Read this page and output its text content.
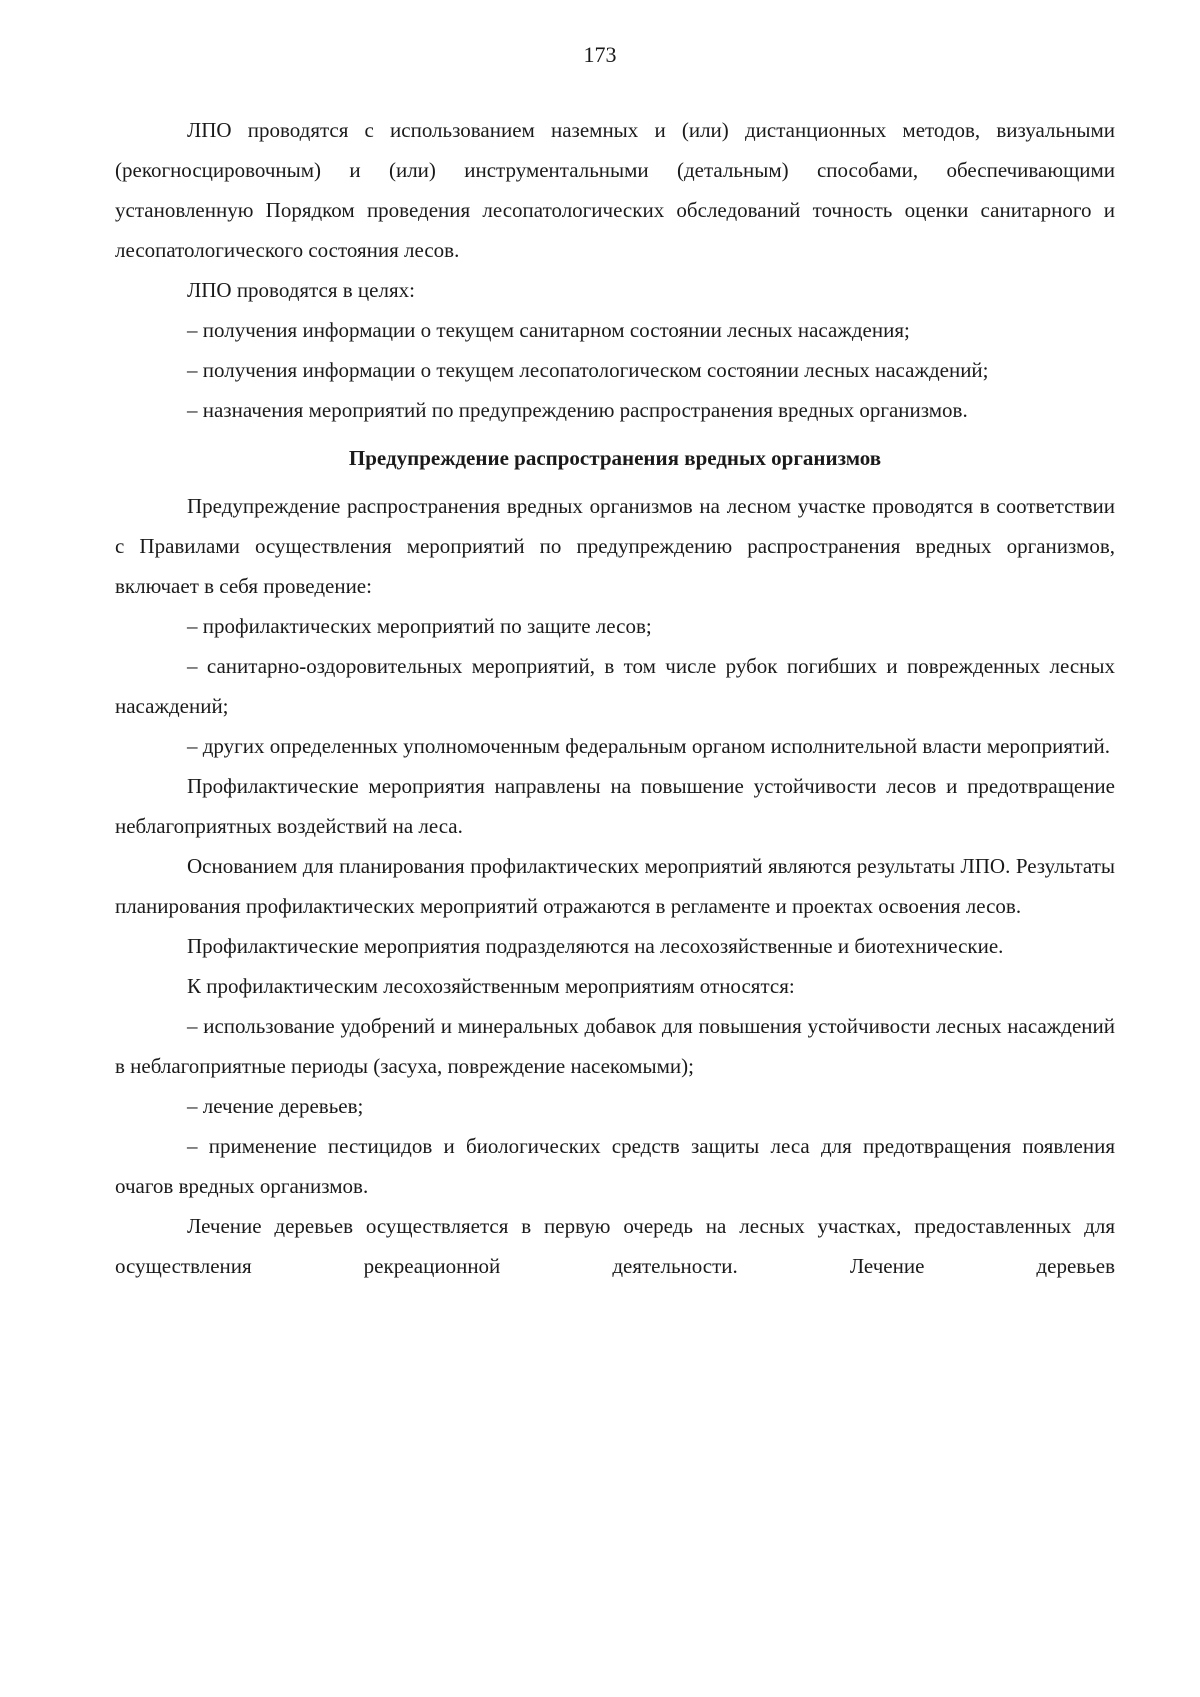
173

ЛПО проводятся с использованием наземных и (или) дистанционных методов, визуальными (рекогносцировочным) и (или) инструментальными (детальным) способами, обеспечивающими установленную Порядком проведения лесопатологических обследований точность оценки санитарного и лесопатологического состояния лесов.

ЛПО проводятся в целях:

– получения информации о текущем санитарном состоянии лесных насаждения;

– получения информации о текущем лесопатологическом состоянии лесных насаждений;

– назначения мероприятий по предупреждению распространения вредных организмов.

Предупреждение распространения вредных организмов

Предупреждение распространения вредных организмов на лесном участке проводятся в соответствии с Правилами осуществления мероприятий по предупреждению распространения вредных организмов, включает в себя проведение:

– профилактических мероприятий по защите лесов;

– санитарно-оздоровительных мероприятий, в том числе рубок погибших и поврежденных лесных насаждений;

– других определенных уполномоченным федеральным органом исполнительной власти мероприятий.

Профилактические мероприятия направлены на повышение устойчивости лесов и предотвращение неблагоприятных воздействий на леса.

Основанием для планирования профилактических мероприятий являются результаты ЛПО. Результаты планирования профилактических мероприятий отражаются в регламенте и проектах освоения лесов.

Профилактические мероприятия подразделяются на лесохозяйственные и биотехнические.

К профилактическим лесохозяйственным мероприятиям относятся:

– использование удобрений и минеральных добавок для повышения устойчивости лесных насаждений в неблагоприятные периоды (засуха, повреждение насекомыми);

– лечение деревьев;

– применение пестицидов и биологических средств защиты леса для предотвращения появления очагов вредных организмов.

Лечение деревьев осуществляется в первую очередь на лесных участках, предоставленных для осуществления рекреационной деятельности. Лечение деревьев
